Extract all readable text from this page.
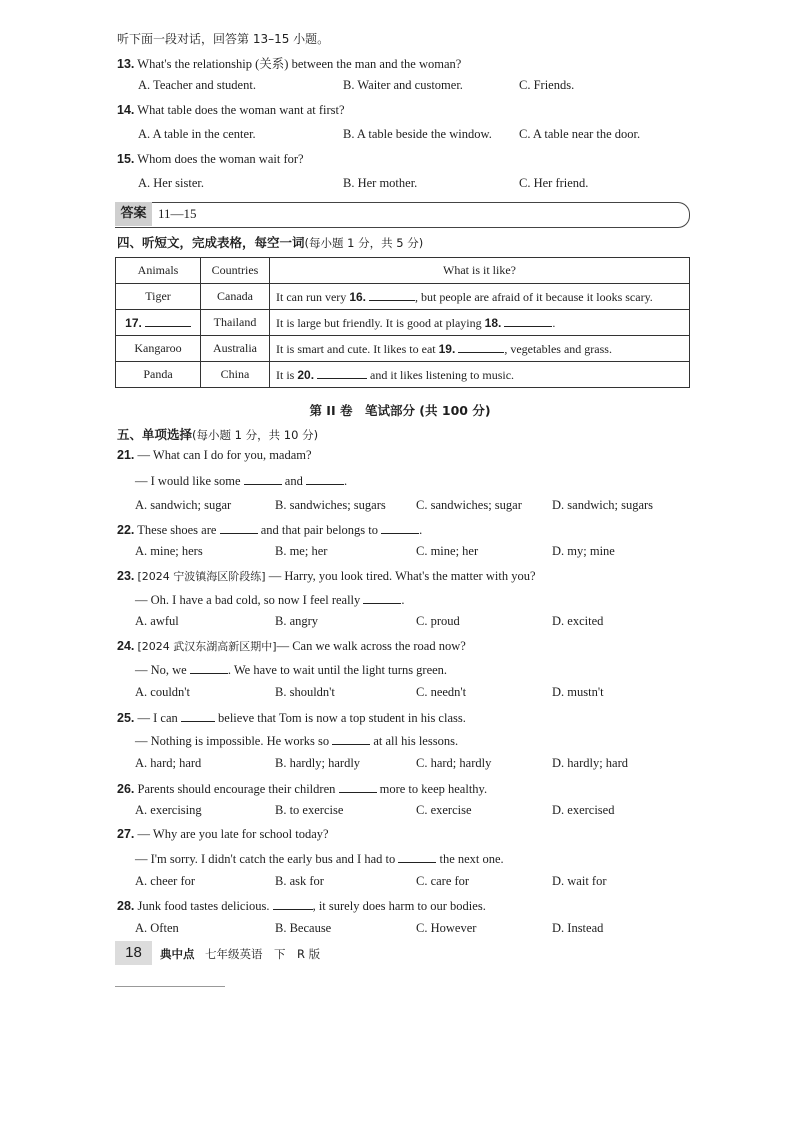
听下面一段对话，回答第 13–15 小题。
13. What's the relationship (关系) between the man and the woman?
A. Teacher and student.	B. Waiter and customer.	C. Friends.
14. What table does the woman want at first?
A. A table in the center.	B. A table beside the window. C. A table near the door.
15. Whom does the woman wait for?
A. Her sister.	B. Her mother.	C. Her friend.
答案 11—15
四、听短文，完成表格，每空一词(每小题 1 分，共 5 分)
Animals	Countries	What is it like?
Tiger	Canada	It can run very 16. , but people are afraid of it because it looks scary.
17.	Thailand	It is large but friendly. It is good at playing 18. .
Kangaroo	Australia	It is smart and cute. It likes to eat 19. , vegetables and grass.
Panda	China	It is 20. and it likes listening to music.
第 II 卷　笔试部分 (共 100 分)
五、单项选择(每小题 1 分，共 10 分)
21. — What can I do for you, madam?
— I would like some	and	.
A. sandwich; sugar	B. sandwiches; sugars C. sandwiches; sugar D. sandwich; sugars
22. These shoes are	and that pair belongs to	.
A. mine; hers	B. me; her	C. mine; her	D. my; mine
23. [2024 宁波镇海区阶段练] — Harry, you look tired. What's the matter with you?
— Oh. I have a bad cold, so now I feel really	.
A. awful	B. angry	C. proud	D. excited
24. [2024 武汉东湖高新区期中]— Can we walk across the road now?
— No, we	. We have to wait until the light turns green.
A. couldn't	B. shouldn't	C. needn't	D. mustn't
25. — I can	believe that Tom is now a top student in his class.
— Nothing is impossible. He works so	at all his lessons.
A. hard; hard	B. hardly; hardly	C. hard; hardly	D. hardly; hard
26. Parents should encourage their children	more to keep healthy.
A. exercising	B. to exercise	C. exercise	D. exercised
27. — Why are you late for school today?
— I'm sorry. I didn't catch the early bus and I had to	the next one.
A. cheer for	B. ask for	C. care for	D. wait for
28. Junk food tastes delicious.	, it surely does harm to our bodies.
A. Often	B. Because	C. However	D. Instead
18	典中点 七年级英语　下　R 版
